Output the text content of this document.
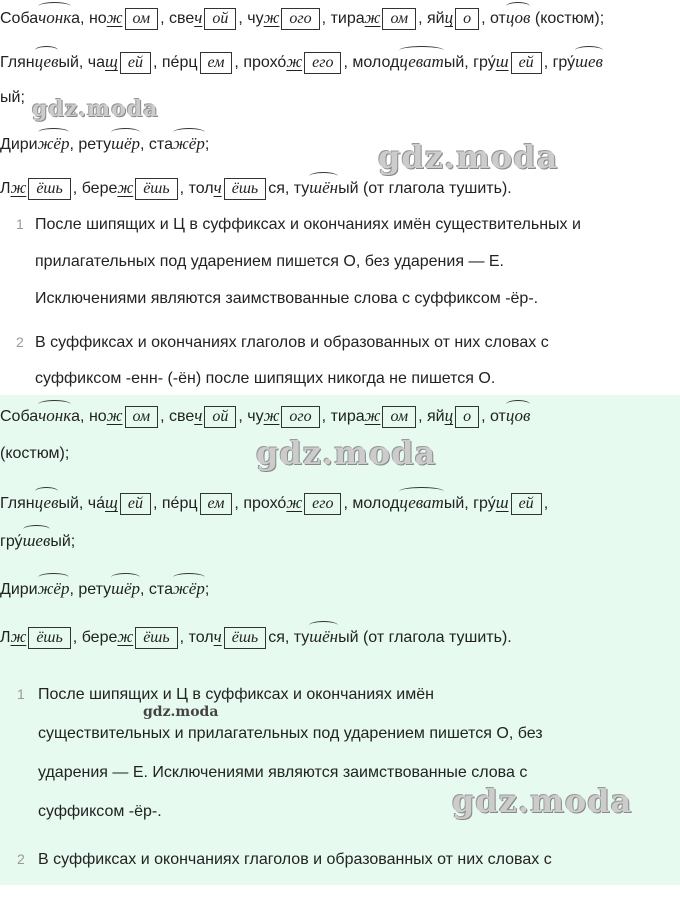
Собачонка, нож ом , свеч ой , чуж ого , тираж ом , яйц о , отцов (костюм);
Глянцевый, чащ ей , пе́рц ем , прохо́ж его , молодцеватый, гру́ш ей , гру́шев
ый;
Дирижёр, ретушёр, стажёр;
Лж ёшь , береж ёшь , толч ёшь ся, тушёный (от глагола тушить).
1 После шипящих и Ц в суффиксах и окончаниях имён существительных и
прилагательных под ударением пишется О, без ударения — Е.
Исключениями являются заимствованные слова с суффиксом -ёр-.
2 В суффиксах и окончаниях глаголов и образованных от них словах с
суффиксом -енн- (-ён) после шипящих никогда не пишется О.
Собачонка, нож ом , свеч ой , чуж ого , тираж ом , яйц о , отцов
(костюм);
Глянцевый, ча́щ ей , пе́рц ем , прохо́ж его , молодцеватый, гру́ш ей ,
гру́шевый;
Дирижёр, ретушёр, стажёр;
Лж ёшь , береж ёшь , толч ёшь ся, тушёный (от глагола тушить).
1 После шипящих и Ц в суффиксах и окончаниях имён
существительных и прилагательных под ударением пишется О, без
ударения — Е. Исключениями являются заимствованные слова с
суффиксом -ёр-.
2 В суффиксах и окончаниях глаголов и образованных от них словах с
gdz.moda
gdz.moda
gdz.moda
gdz.moda
gdz.moda
